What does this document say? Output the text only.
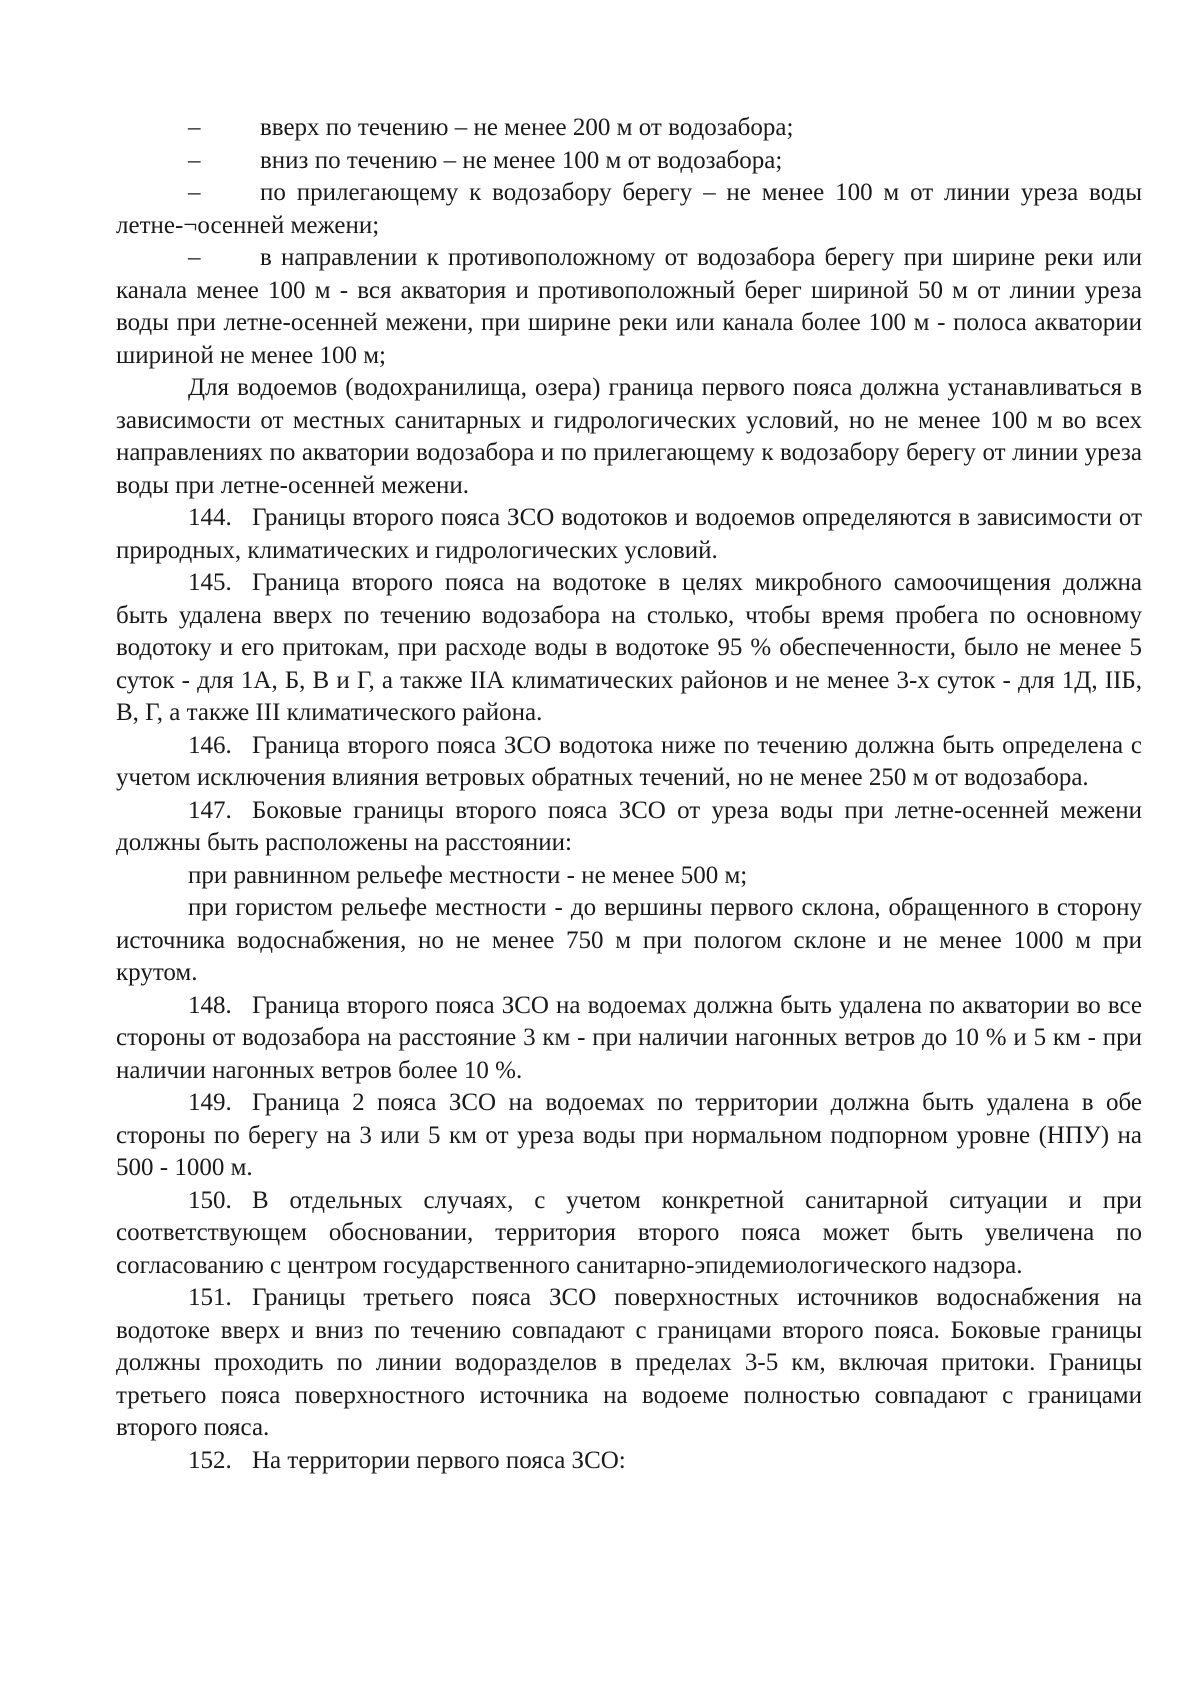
– вверх по течению – не менее 200 м от водозабора;

– вниз по течению – не менее 100 м от водозабора;

– по прилегающему к водозабору берегу – не менее 100 м от линии уреза воды летне-¬осенней межени;

– в направлении к противоположному от водозабора берегу при ширине реки или канала менее 100 м - вся акватория и противоположный берег шириной 50 м от линии уреза воды при летне-осенней межени, при ширине реки или канала более 100 м - полоса акватории шириной не менее 100 м;

Для водоемов (водохранилища, озера) граница первого пояса должна устанавливаться в зависимости от местных санитарных и гидрологических условий, но не менее 100 м во всех направлениях по акватории водозабора и по прилегающему к водозабору берегу от линии уреза воды при летне-осенней межени.

144. Границы второго пояса ЗСО водотоков и водоемов определяются в зависимости от природных, климатических и гидрологических условий.

145. Граница второго пояса на водотоке в целях микробного самоочищения должна быть удалена вверх по течению водозабора на столько, чтобы время пробега по основному водотоку и его притокам, при расходе воды в водотоке 95 % обеспеченности, было не менее 5 суток - для 1А, Б, В и Г, а также IIА климатических районов и не менее 3-х суток - для 1Д, IIБ, В, Г, а также III климатического района.

146. Граница второго пояса ЗСО водотока ниже по течению должна быть определена с учетом исключения влияния ветровых обратных течений, но не менее 250 м от водозабора.

147. Боковые границы второго пояса ЗСО от уреза воды при летне-осенней межени должны быть расположены на расстоянии:

при равнинном рельефе местности - не менее 500 м;

при гористом рельефе местности - до вершины первого склона, обращенного в сторону источника водоснабжения, но не менее 750 м при пологом склоне и не менее 1000 м при крутом.

148. Граница второго пояса ЗСО на водоемах должна быть удалена по акватории во все стороны от водозабора на расстояние 3 км - при наличии нагонных ветров до 10 % и 5 км - при наличии нагонных ветров более 10 %.

149. Граница 2 пояса ЗСО на водоемах по территории должна быть удалена в обе стороны по берегу на 3 или 5 км от уреза воды при нормальном подпорном уровне (НПУ) на 500 - 1000 м.

150. В отдельных случаях, с учетом конкретной санитарной ситуации и при соответствующем обосновании, территория второго пояса может быть увеличена по согласованию с центром государственного санитарно-эпидемиологического надзора.

151. Границы третьего пояса ЗСО поверхностных источников водоснабжения на водотоке вверх и вниз по течению совпадают с границами второго пояса. Боковые границы должны проходить по линии водоразделов в пределах 3-5 км, включая притоки. Границы третьего пояса поверхностного источника на водоеме полностью совпадают с границами второго пояса.

152. На территории первого пояса ЗСО:
